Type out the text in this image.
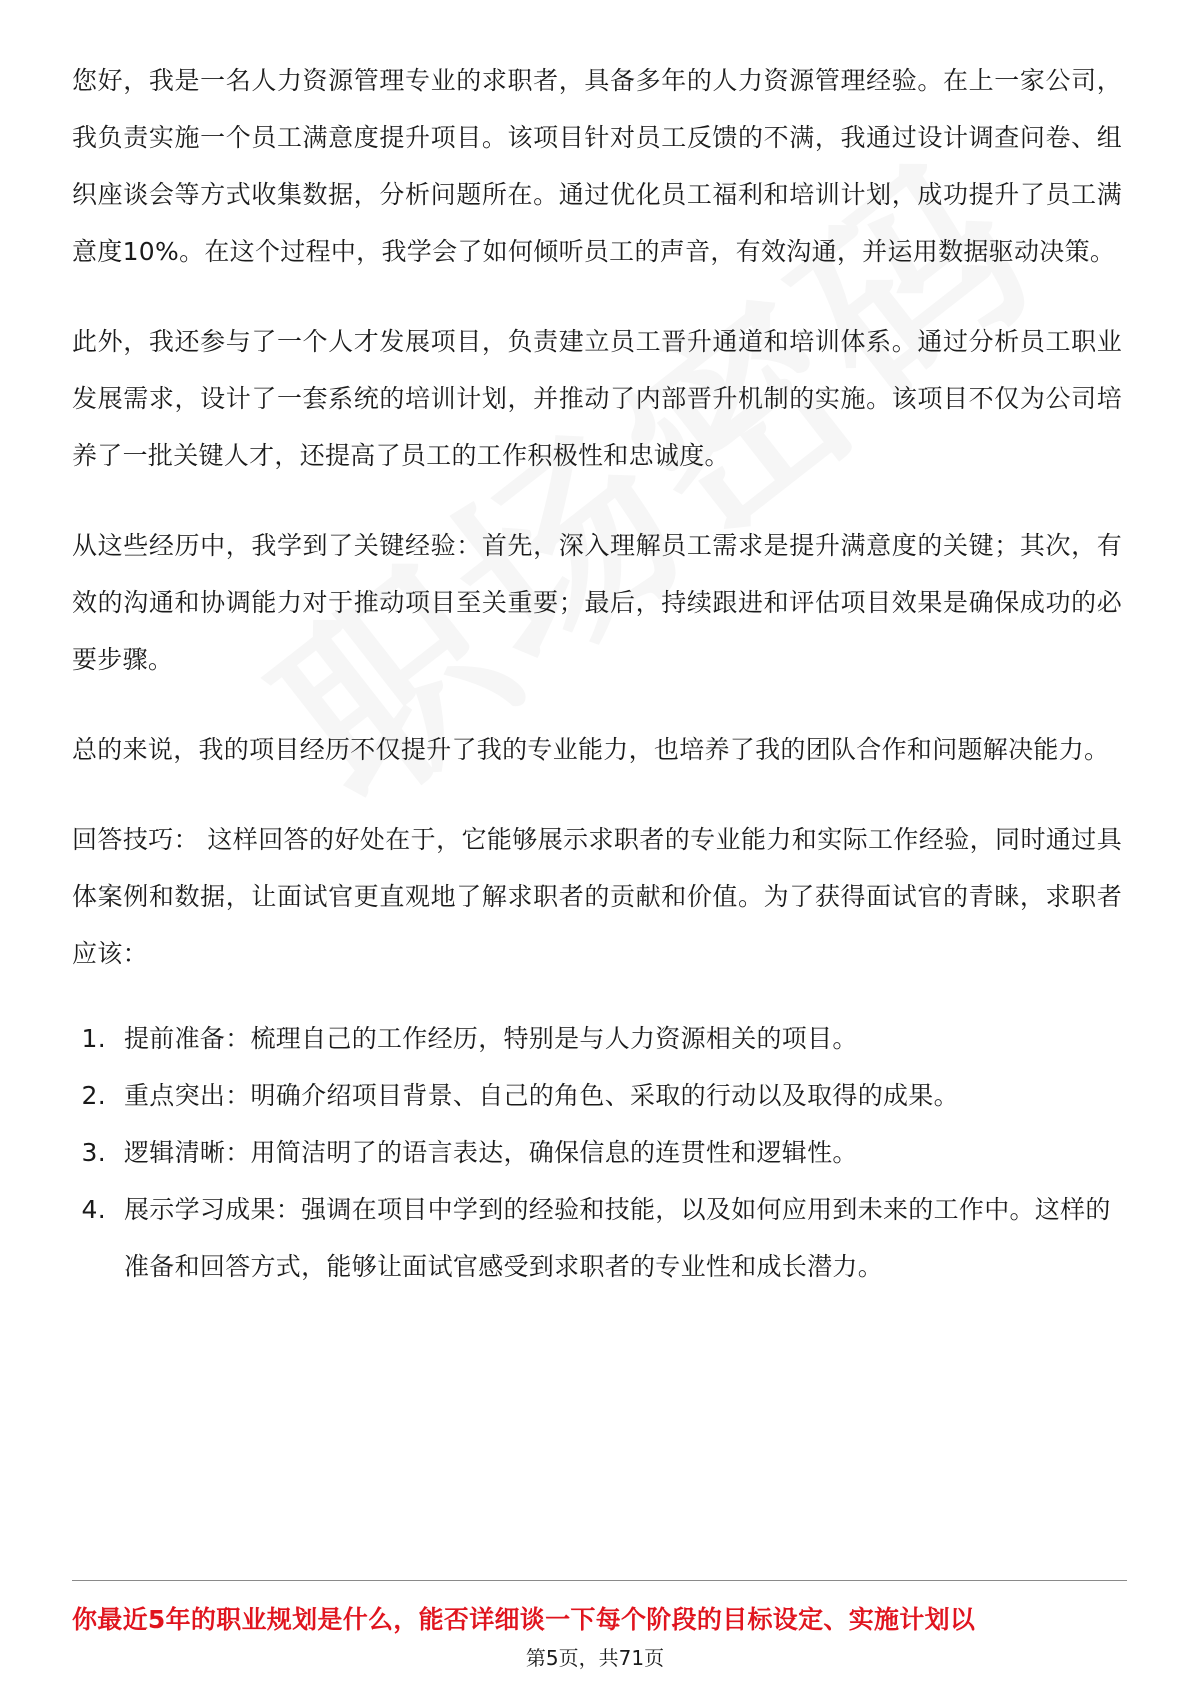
您好，我是一名人力资源管理专业的求职者，具备多年的人力资源管理经验。在上一家公司，我负责实施一个员工满意度提升项目。该项目针对员工反馈的不满，我通过设计调查问卷、组织座谈会等方式收集数据，分析问题所在。通过优化员工福利和培训计划，成功提升了员工满意度10%。在这个过程中，我学会了如何倾听员工的声音，有效沟通，并运用数据驱动决策。

此外，我还参与了一个人才发展项目，负责建立员工晋升通道和培训体系。通过分析员工职业发展需求，设计了一套系统的培训计划，并推动了内部晋升机制的实施。该项目不仅为公司培养了一批关键人才，还提高了员工的工作积极性和忠诚度。

从这些经历中，我学到了关键经验：首先，深入理解员工需求是提升满意度的关键；其次，有效的沟通和协调能力对于推动项目至关重要；最后，持续跟进和评估项目效果是确保成功的必要步骤。

总的来说，我的项目经历不仅提升了我的专业能力，也培养了我的团队合作和问题解决能力。

回答技巧： 这样回答的好处在于，它能够展示求职者的专业能力和实际工作经验，同时通过具体案例和数据，让面试官更直观地了解求职者的贡献和价值。为了获得面试官的青睐，求职者应该：

1. 提前准备：梳理自己的工作经历，特别是与人力资源相关的项目。
2. 重点突出：明确介绍项目背景、自己的角色、采取的行动以及取得的成果。
3. 逻辑清晰：用简洁明了的语言表达，确保信息的连贯性和逻辑性。
4. 展示学习成果：强调在项目中学到的经验和技能，以及如何应用到未来的工作中。这样的准备和回答方式，能够让面试官感受到求职者的专业性和成长潜力。
你最近5年的职业规划是什么，能否详细谈一下每个阶段的目标设定、实施计划以
第5页，共71页
